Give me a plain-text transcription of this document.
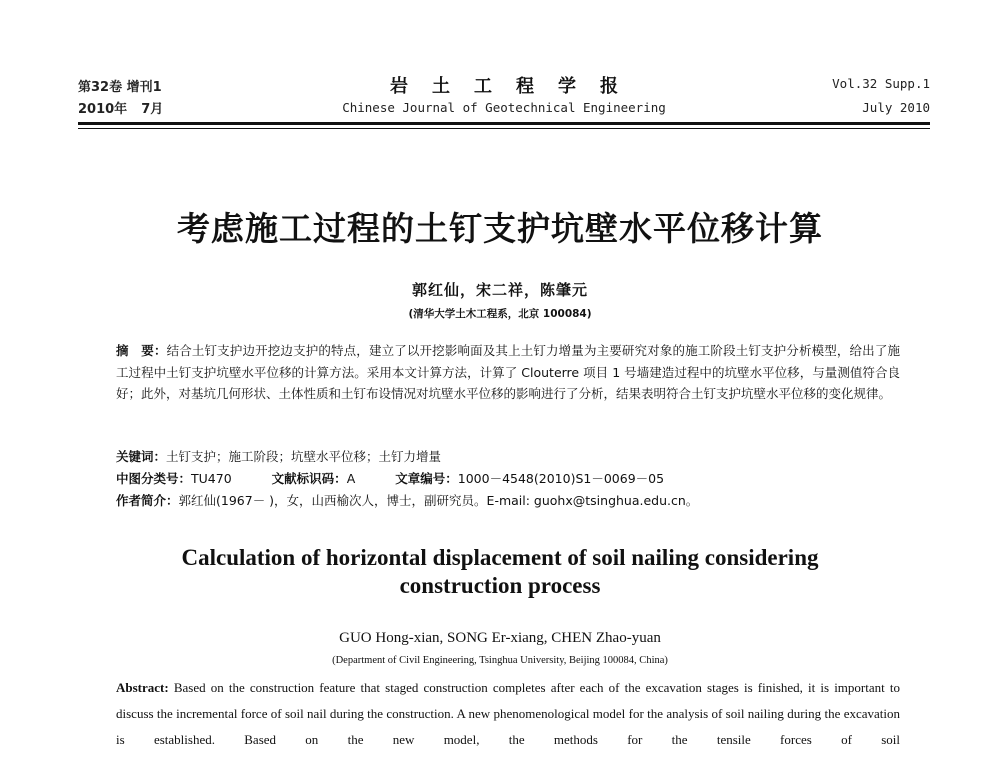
第32卷 增刊1
2010年 7月
岩土工程学报
Chinese Journal of Geotechnical Engineering
Vol.32 Supp.1
July 2010
考虑施工过程的土钉支护坑壁水平位移计算
郭红仙，宋二祥，陈肇元
(清华大学土木工程系，北京 100084)
摘　要：结合土钉支护边开挖边支护的特点，建立了以开挖影响面及其上土钉力增量为主要研究对象的施工阶段土钉支护分析模型，给出了施工过程中土钉支护坑壁水平位移的计算方法。采用本文计算方法，计算了 Clouterre 项目 1 号墙建造过程中的坑壁水平位移，与量测值符合良好；此外，对基坑几何形状、土体性质和土钉布设情况对坑壁水平位移的影响进行了分析，结果表明符合土钉支护坑壁水平位移的变化规律。
关键词：土钉支护；施工阶段；坑壁水平位移；土钉力增量
中图分类号：TU470	文献标识码：A	文章编号：1000－4548(2010)S1－0069－05
作者简介：郭红仙(1967－ )，女，山西榆次人，博士，副研究员。E-mail: guohx@tsinghua.edu.cn。
Calculation of horizontal displacement of soil nailing considering
construction process
GUO Hong-xian, SONG Er-xiang, CHEN Zhao-yuan
(Department of Civil Engineering, Tsinghua University, Beijing 100084, China)
Abstract: Based on the construction feature that staged construction completes after each of the excavation stages is finished, it is important to discuss the incremental force of soil nail during the construction. A new phenomenological model for the analysis of soil nailing during the excavation is established. Based on the new model, the methods for the tensile forces of soil
